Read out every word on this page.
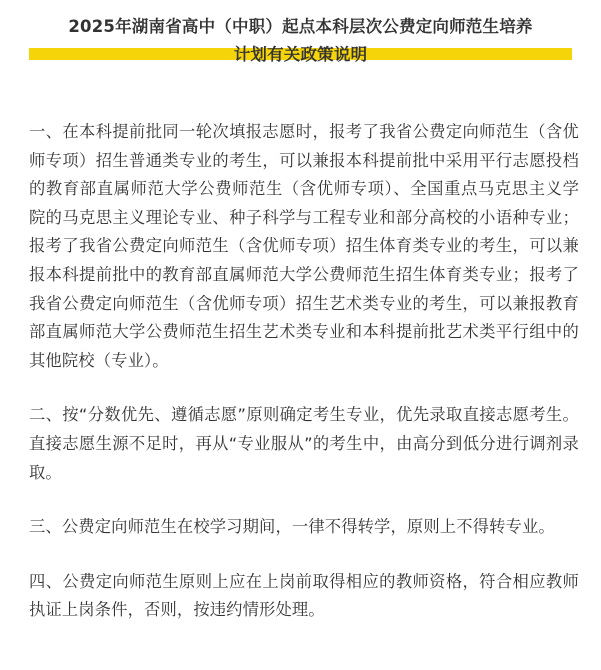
2025年湖南省高中（中职）起点本科层次公费定向师范生培养
计划有关政策说明

一、在本科提前批同一轮次填报志愿时，报考了我省公费定向师范生（含优师专项）招生普通类专业的考生，可以兼报本科提前批中采用平行志愿投档的教育部直属师范大学公费师范生（含优师专项）、全国重点马克思主义学院的马克思主义理论专业、种子科学与工程专业和部分高校的小语种专业；报考了我省公费定向师范生（含优师专项）招生体育类专业的考生，可以兼报本科提前批中的教育部直属师范大学公费师范生招生体育类专业；报考了我省公费定向师范生（含优师专项）招生艺术类专业的考生，可以兼报教育部直属师范大学公费师范生招生艺术类专业和本科提前批艺术类平行组中的其他院校（专业）。

二、按“分数优先、遵循志愿”原则确定考生专业，优先录取直接志愿考生。直接志愿生源不足时，再从“专业服从”的考生中，由高分到低分进行调剂录取。

三、公费定向师范生在校学习期间，一律不得转学，原则上不得转专业。

四、公费定向师范生原则上应在上岗前取得相应的教师资格，符合相应教师执证上岗条件，否则，按违约情形处理。
